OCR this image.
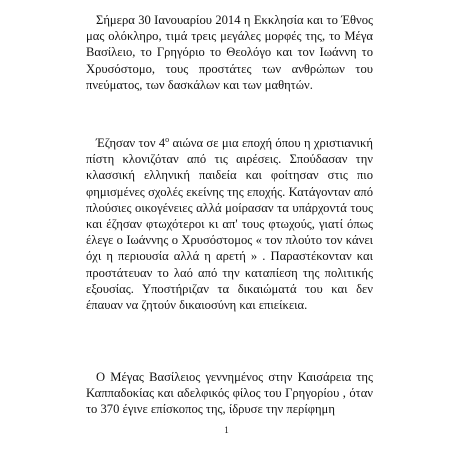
Σήμερα 30 Ιανουαρίου 2014 η Εκκλησία και το Έθνος μας ολόκληρο, τιμά τρεις μεγάλες μορφές της, το Μέγα Βασίλειο, το Γρηγόριο το Θεολόγο και τον Ιωάννη το Χρυσόστομο, τους προστάτες των ανθρώπων του πνεύματος, των δασκάλων και των μαθητών.

Έζησαν τον $4^o$ αιώνα σε μια εποχή όπου η χριστιανική πίστη κλονιζόταν από τις αιρέσεις. Σπούδασαν την κλασσική ελληνική παιδεία και φοίτησαν στις πιο φημισμένες σχολές εκείνης της εποχής. Κατάγονταν από πλούσιες οικογένειες αλλά μοίρασαν τα υπάρχοντά τους και έζησαν φτωχότεροι κι απ' τους φτωχούς, γιατί όπως έλεγε ο Ιωάννης ο Χρυσόστομος « τον πλούτο τον κάνει όχι η περιουσία αλλά η αρετή » . Παραστέκονταν και προστάτευαν το λαό από την καταπίεση της πολιτικής εξουσίας. Υποστήριζαν τα δικαιώματά του και δεν έπαυαν να ζητούν δικαιοσύνη και επιείκεια.

Ο Μέγας Βασίλειος γεννημένος στην Καισάρεια της Καππαδοκίας και αδελφικός φίλος του Γρηγορίου , όταν το 370 έγινε επίσκοπος της, ίδρυσε την περίφημη

1
